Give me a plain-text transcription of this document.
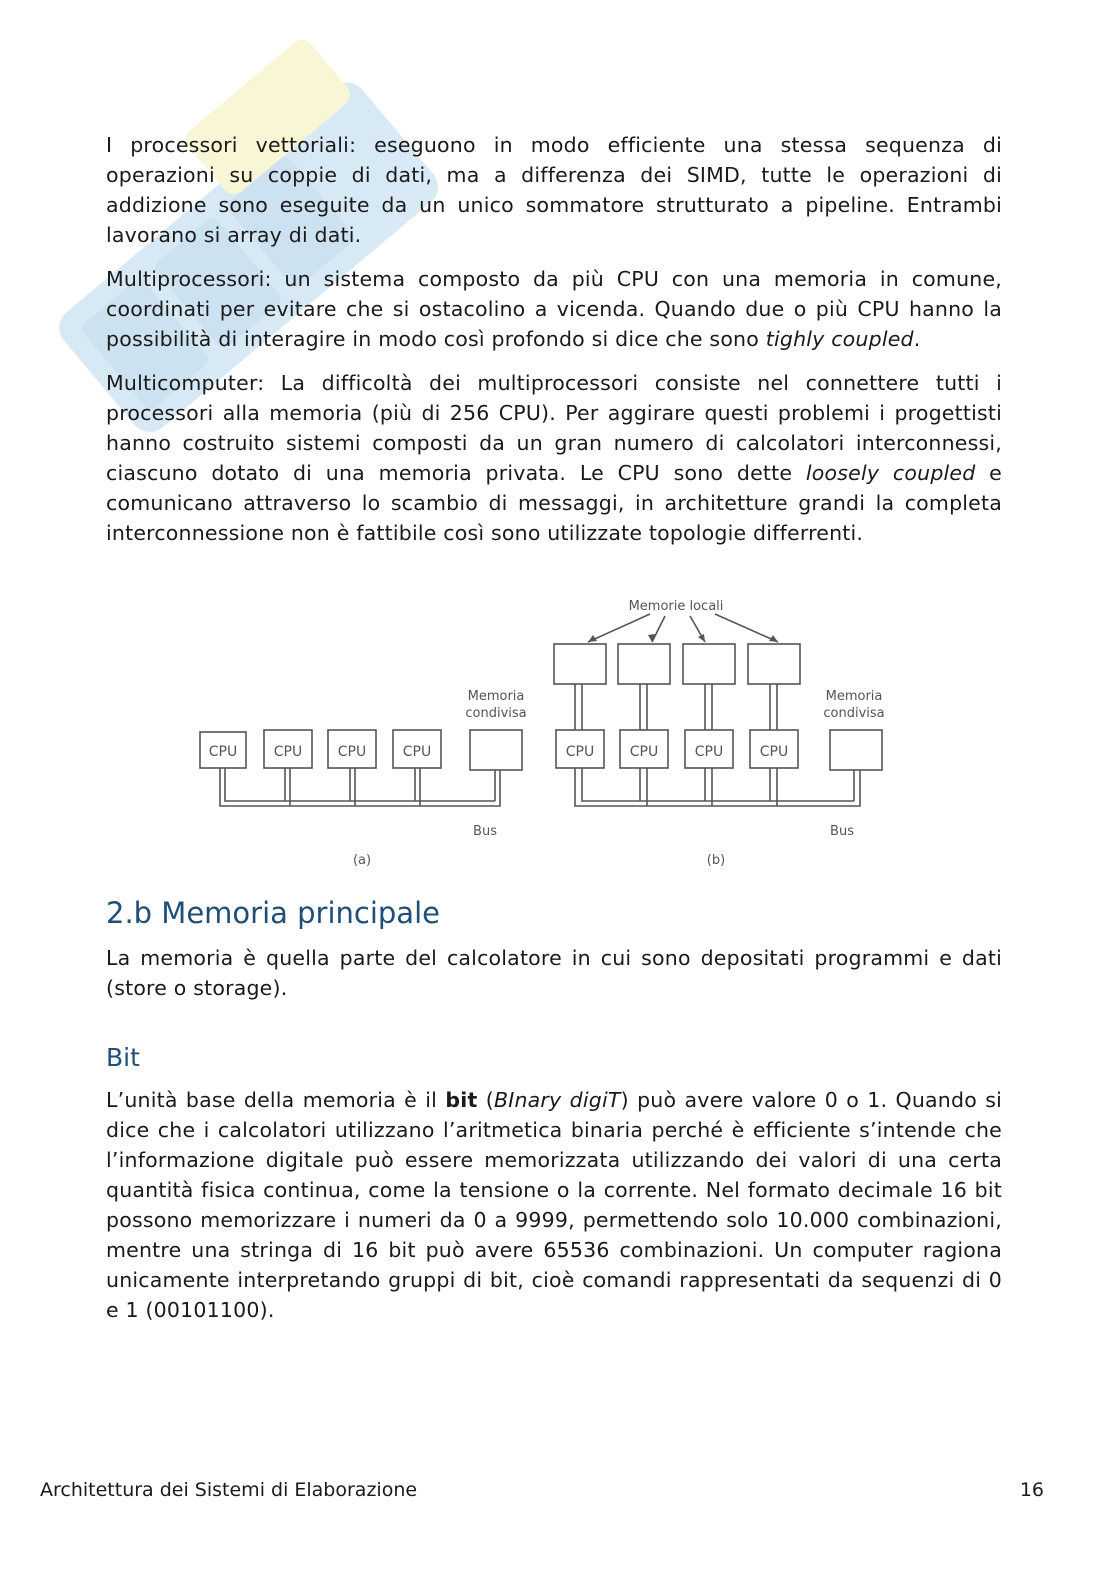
I processori vettoriali: eseguono in modo efficiente una stessa sequenza di operazioni su coppie di dati, ma a differenza dei SIMD, tutte le operazioni di addizione sono eseguite da un unico sommatore strutturato a pipeline. Entrambi lavorano si array di dati.

Multiprocessori: un sistema composto da più CPU con una memoria in comune, coordinati per evitare che si ostacolino a vicenda. Quando due o più CPU hanno la possibilità di interagire in modo così profondo si dice che sono tighly coupled.

Multicomputer: La difficoltà dei multiprocessori consiste nel connettere tutti i processori alla memoria (più di 256 CPU). Per aggirare questi problemi i progettisti hanno costruito sistemi composti da un gran numero di calcolatori interconnessi, ciascuno dotato di una memoria privata. Le CPU sono dette loosely coupled e comunicano attraverso lo scambio di messaggi, in architetture grandi la completa interconnessione non è fattibile così sono utilizzate topologie differrenti.

CPU	CPU	CPU	CPU
Memoria
condivisa
Bus
(a)
CPU	CPU	CPU	CPU
Memorie locali
Memoria
condivisa
Bus
(b)
2.b Memoria principale

La memoria è quella parte del calcolatore in cui sono depositati programmi e dati (store o storage).

Bit

L’unità base della memoria è il bit (BInary digiT) può avere valore 0 o 1. Quando si dice che i calcolatori utilizzano l’aritmetica binaria perché è efficiente s’intende che l’informazione digitale può essere memorizzata utilizzando dei valori di una certa quantità fisica continua, come la tensione o la corrente. Nel formato decimale 16 bit possono memorizzare i numeri da 0 a 9999, permettendo solo 10.000 combinazioni, mentre una stringa di 16 bit può avere 65536 combinazioni. Un computer ragiona unicamente interpretando gruppi di bit, cioè comandi rappresentati da sequenzi di 0 e 1 (00101100).

Architettura dei Sistemi di Elaborazione	16
